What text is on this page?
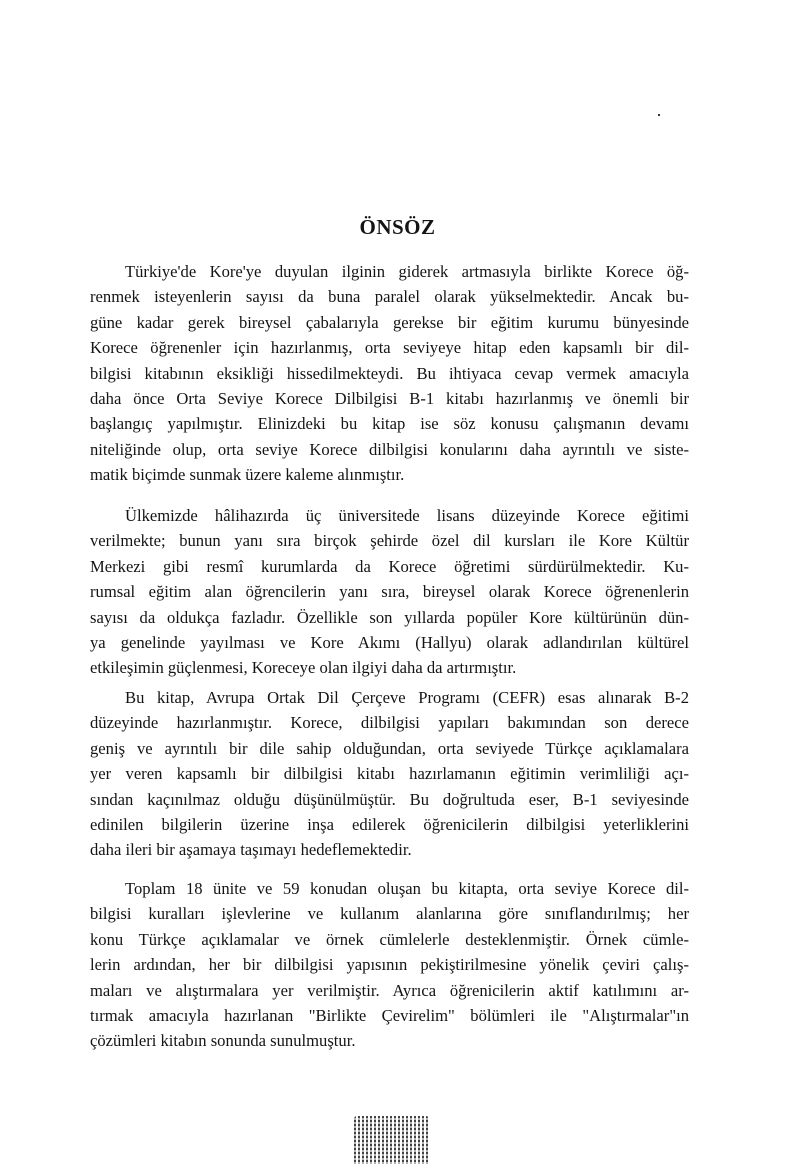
ÖNSÖZ
Türkiye'de Kore'ye duyulan ilginin giderek artmasıyla birlikte Korece öğ-
renmek isteyenlerin sayısı da buna paralel olarak yükselmektedir. Ancak bu-
güne kadar gerek bireysel çabalarıyla gerekse bir eğitim kurumu bünyesinde
Korece öğrenenler için hazırlanmış, orta seviyeye hitap eden kapsamlı bir dil-
bilgisi kitabının eksikliği hissedilmekteydi. Bu ihtiyaca cevap vermek amacıyla
daha önce Orta Seviye Korece Dilbilgisi B-1 kitabı hazırlanmış ve önemli bir
başlangıç yapılmıştır. Elinizdeki bu kitap ise söz konusu çalışmanın devamı
niteliğinde olup, orta seviye Korece dilbilgisi konularını daha ayrıntılı ve siste-
matik biçimde sunmak üzere kaleme alınmıştır.
Ülkemizde hâlihazırda üç üniversitede lisans düzeyinde Korece eğitimi
verilmekte; bunun yanı sıra birçok şehirde özel dil kursları ile Kore Kültür
Merkezi gibi resmî kurumlarda da Korece öğretimi sürdürülmektedir. Ku-
rumsal eğitim alan öğrencilerin yanı sıra, bireysel olarak Korece öğrenenlerin
sayısı da oldukça fazladır. Özellikle son yıllarda popüler Kore kültürünün dün-
ya genelinde yayılması ve Kore Akımı (Hallyu) olarak adlandırılan kültürel
etkileşimin güçlenmesi, Koreceye olan ilgiyi daha da artırmıştır.
Bu kitap, Avrupa Ortak Dil Çerçeve Programı (CEFR) esas alınarak B-2
düzeyinde hazırlanmıştır. Korece, dilbilgisi yapıları bakımından son derece
geniş ve ayrıntılı bir dile sahip olduğundan, orta seviyede Türkçe açıklamalara
yer veren kapsamlı bir dilbilgisi kitabı hazırlamanın eğitimin verimliliği açı-
sından kaçınılmaz olduğu düşünülmüştür. Bu doğrultuda eser, B-1 seviyesinde
edinilen bilgilerin üzerine inşa edilerek öğrenicilerin dilbilgisi yeterliklerini
daha ileri bir aşamaya taşımayı hedeflemektedir.
Toplam 18 ünite ve 59 konudan oluşan bu kitapta, orta seviye Korece dil-
bilgisi kuralları işlevlerine ve kullanım alanlarına göre sınıflandırılmış; her
konu Türkçe açıklamalar ve örnek cümlelerle desteklenmiştir. Örnek cümle-
lerin ardından, her bir dilbilgisi yapısının pekiştirilmesine yönelik çeviri çalış-
maları ve alıştırmalara yer verilmiştir. Ayrıca öğrenicilerin aktif katılımını ar-
tırmak amacıyla hazırlanan "Birlikte Çevirelim" bölümleri ile "Alıştırmalar"ın
çözümleri kitabın sonunda sunulmuştur.
